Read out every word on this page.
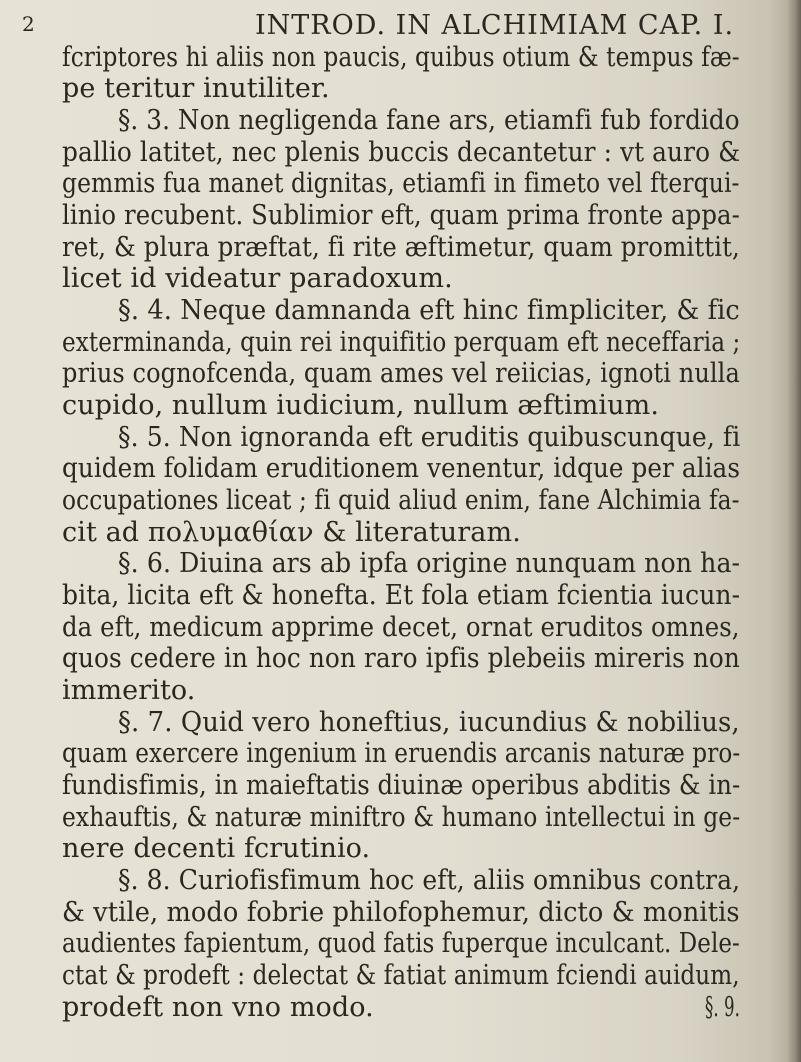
2	INTROD. IN ALCHIMIAM CAP. I.
fcriptores hi aliis non paucis, quibus otium & tempus fæ-
pe teritur inutiliter.
§. 3. Non negligenda fane ars, etiamfi fub fordido
pallio latitet, nec plenis buccis decantetur : vt auro &
gemmis fua manet dignitas, etiamfi in fimeto vel fterqui-
linio recubent. Sublimior eft, quam prima fronte appa-
ret, & plura præftat, fi rite æftimetur, quam promittit,
licet id videatur paradoxum.
§. 4. Neque damnanda eft hinc fimpliciter, & fic
exterminanda, quin rei inquifitio perquam eft neceffaria ;
prius cognofcenda, quam ames vel reiicias, ignoti nulla
cupido, nullum iudicium, nullum æftimium.
§. 5. Non ignoranda eft eruditis quibuscunque, fi
quidem folidam eruditionem venentur, idque per alias
occupationes liceat ; fi quid aliud enim, fane Alchimia fa-
cit ad πολυμαθίαν & literaturam.
§. 6. Diuina ars ab ipfa origine nunquam non ha-
bita, licita eft & honefta. Et fola etiam fcientia iucun-
da eft, medicum apprime decet, ornat eruditos omnes,
quos cedere in hoc non raro ipfis plebeiis mireris non
immerito.
§. 7. Quid vero honeftius, iucundius & nobilius,
quam exercere ingenium in eruendis arcanis naturæ pro-
fundisfimis, in maieftatis diuinæ operibus abditis & in-
exhauftis, & naturæ miniftro & humano intellectui in ge-
nere decenti fcrutinio.
§. 8. Curiofisfimum hoc eft, aliis omnibus contra,
& vtile, modo fobrie philofophemur, dicto & monitis
audientes fapientum, quod fatis fuperque inculcant. Dele-
ctat & prodeft : delectat & fatiat animum fciendi auidum,
prodeft non vno modo.	§. 9.
